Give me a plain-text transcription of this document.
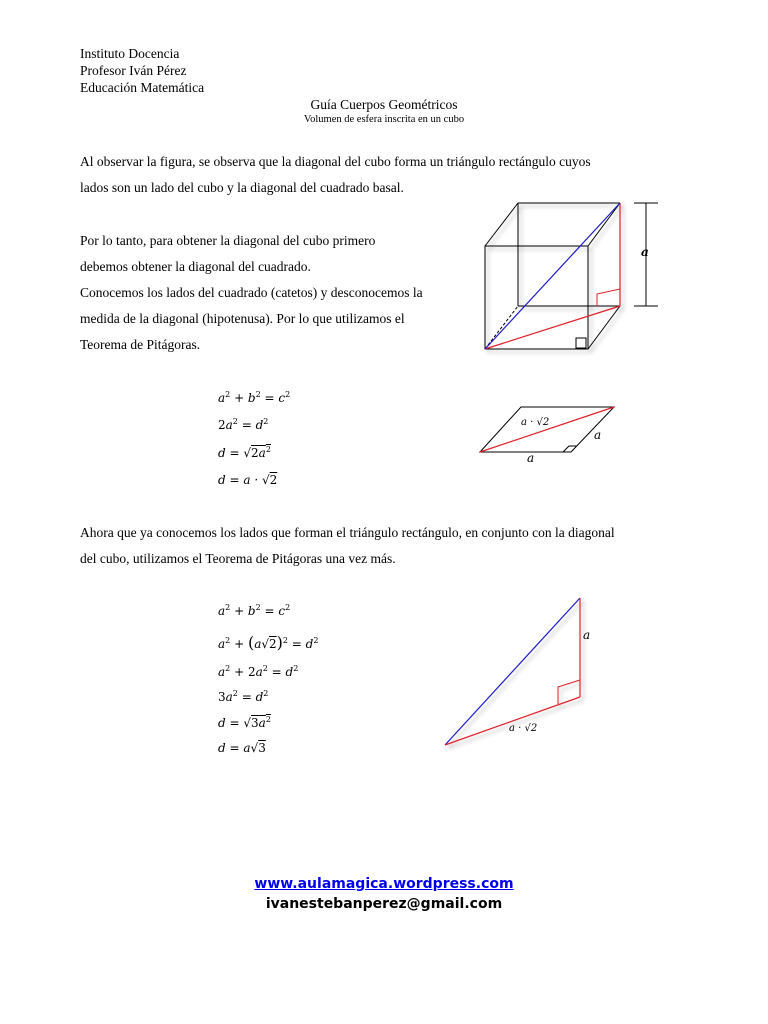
Instituto Docencia
Profesor Iván Pérez
Educación Matemática
Guía Cuerpos Geométricos
Volumen de esfera inscrita en un cubo
Al observar la figura, se observa que la diagonal del cubo forma un triángulo rectángulo cuyos
lados son un lado del cubo y la diagonal del cuadrado basal.
Por lo tanto, para obtener la diagonal del cubo primero
debemos obtener la diagonal del cuadrado.
Conocemos los lados del cuadrado (catetos) y desconocemos la
medida de la diagonal (hipotenusa). Por lo que utilizamos el
Teorema de Pitágoras.
a
$a^2 + b^2 = c^2$
$2a^2 = d^2$
$d = √2a^2$
d = a · √2
a · √2
a
a
Ahora que ya conocemos los lados que forman el triángulo rectángulo, en conjunto con la diagonal
del cubo, utilizamos el Teorema de Pitágoras una vez más.
$a^2 + b^2 = c^2$
$a^2 + (a√2)^2 = d^2$
$a^2 + 2a^2 = d^2$
$3a^2 = d^2$
$d = √3a^2$
d = a√3
a
a · √2
www.aulamagica.wordpress.com
ivanestebanperez@gmail.com
